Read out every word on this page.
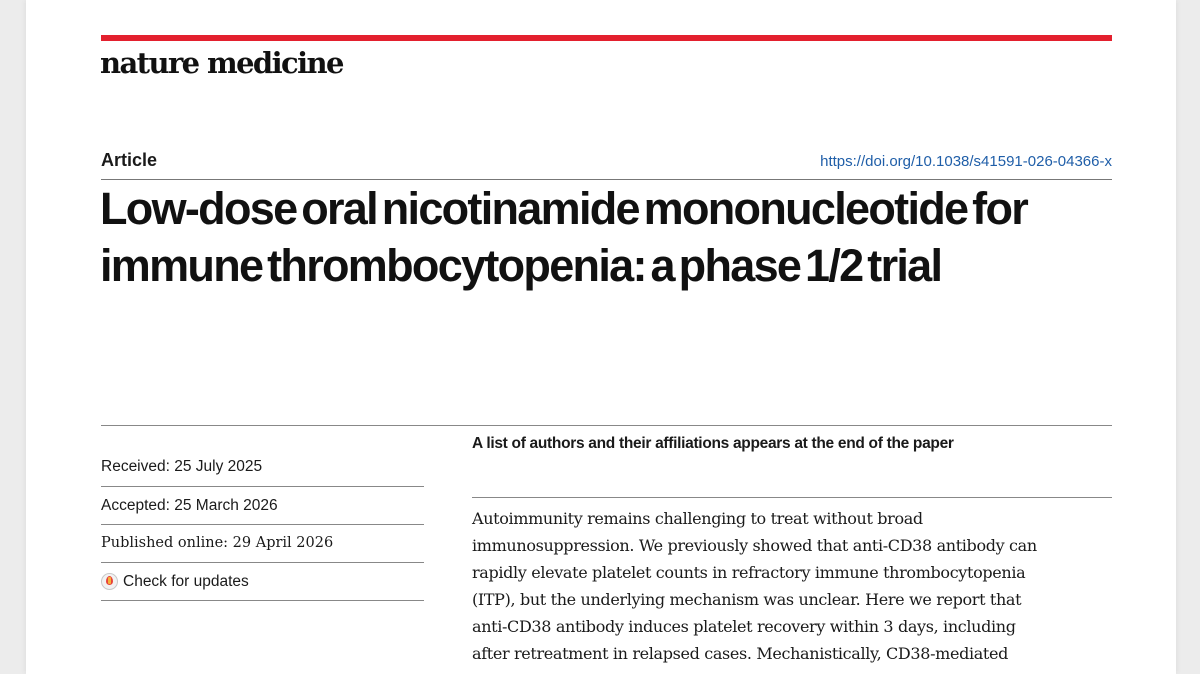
nature medicine
Article	https://doi.org/10.1038/s41591-026-04366-x
Low-dose oral nicotinamide mononucleotide for immune thrombocytopenia: a phase 1/2 trial
Received: 25 July 2025
Accepted: 25 March 2026
Published online: 29 April 2026
Check for updates
A list of authors and their affiliations appears at the end of the paper

Autoimmunity remains challenging to treat without broad
immunosuppression. We previously showed that anti-CD38 antibody can
rapidly elevate platelet counts in refractory immune thrombocytopenia
(ITP), but the underlying mechanism was unclear. Here we report that
anti-CD38 antibody induces platelet recovery within 3 days, including
after retreatment in relapsed cases. Mechanistically, CD38-mediated
